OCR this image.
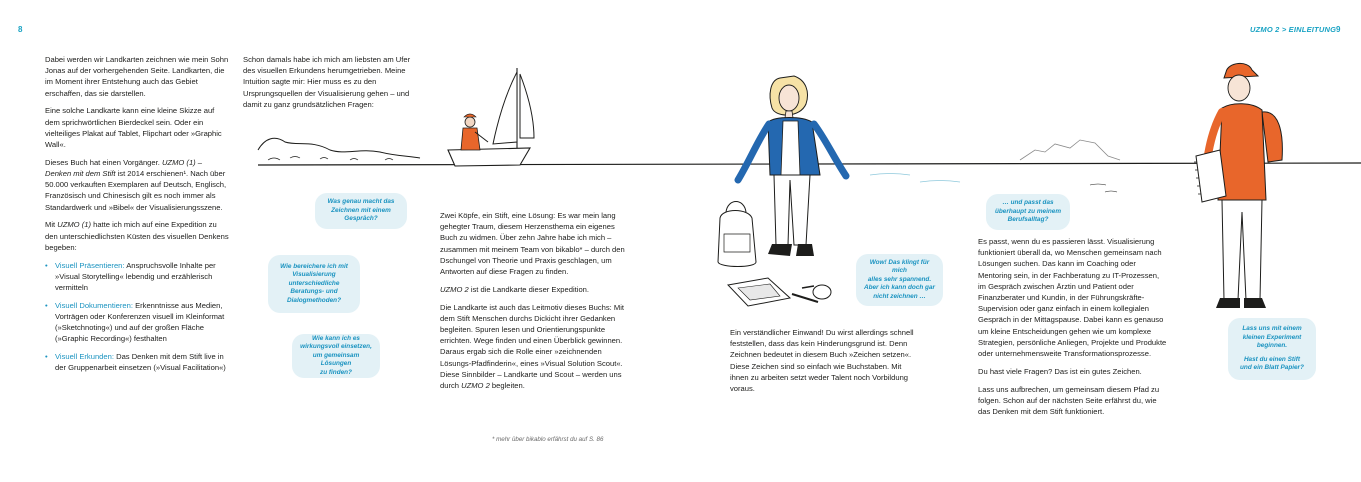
8	UZMO 2 > EINLEITUNG 9

Dabei werden wir Landkarten zeichnen wie mein Sohn Jonas auf der vorhergehenden Seite. Landkarten, die im Moment ihrer Entstehung auch das Gebiet erschaffen, das sie darstellen.

Eine solche Landkarte kann eine kleine Skizze auf dem sprichwörtlichen Bierdeckel sein. Oder ein vielteiliges Plakat auf Tablet, Flipchart oder »Graphic Wall«.

Dieses Buch hat einen Vorgänger. UZMO (1) – Denken mit dem Stift ist 2014 erschienen¹. Nach über 50.000 verkauften Exemplaren auf Deutsch, Englisch, Französisch und Chinesisch gilt es noch immer als Standardwerk und »Bibel« der Visualisierungsszene.

Mit UZMO (1) hatte ich mich auf eine Expedition zu den unterschiedlichsten Küsten des visuellen Denkens begeben:

• Visuell Präsentieren: Anspruchsvolle Inhalte per »Visual Storytelling« lebendig und erzählerisch vermitteln
• Visuell Dokumentieren: Erkenntnisse aus Medien, Vorträgen oder Konferenzen visuell im Kleinformat (»Sketchnoting«) und auf der großen Fläche (»Graphic Recording«) festhalten
• Visuell Erkunden: Das Denken mit dem Stift live in der Gruppenarbeit einsetzen (»Visual Facilitation«)

Schon damals habe ich mich am liebsten am Ufer des visuellen Erkundens herumgetrieben. Meine Intuition sagte mir: Hier muss es zu den Ursprungsquellen der Visualisierung gehen – und damit zu ganz grundsätzlichen Fragen:

Zwei Köpfe, ein Stift, eine Lösung: Es war mein lang gehegter Traum, diesem Herzensthema ein eigenes Buch zu widmen. Über zehn Jahre habe ich mich – zusammen mit meinem Team von bikablo* – durch den Dschungel von Theorie und Praxis geschlagen, um Antworten auf diese Fragen zu finden.

UZMO 2 ist die Landkarte dieser Expedition.

Die Landkarte ist auch das Leitmotiv dieses Buchs: Mit dem Stift Menschen durchs Dickicht ihrer Gedanken begleiten. Spuren lesen und Orientierungspunkte errichten. Wege finden und einen Überblick gewinnen. Daraus ergab sich die Rolle einer »zeichnenden Lösungs-Pfadfinderin«, eines »Visual Solution Scout«. Diese Sinnbilder – Landkarte und Scout – werden uns durch UZMO 2 begleiten.

* mehr über bikablo erfährst du auf S. 86

Ein verständlicher Einwand! Du wirst allerdings schnell feststellen, dass das kein Hinderungsgrund ist. Denn Zeichnen bedeutet in diesem Buch »Zeichen setzen«. Diese Zeichen sind so einfach wie Buchstaben. Mit ihnen zu arbeiten setzt weder Talent noch Vorbildung voraus.

Es passt, wenn du es passieren lässt. Visualisierung funktioniert überall da, wo Menschen gemeinsam nach Lösungen suchen. Das kann im Coaching oder Mentoring sein, in der Fachberatung zu IT-Prozessen, im Gespräch zwischen Ärztin und Patient oder Finanzberater und Kundin, in der Führungskräfte-Supervision oder ganz einfach in einem kollegialen Gespräch in der Mittagspause. Dabei kann es genauso um kleine Entscheidungen gehen wie um komplexe Strategien, persönliche Anliegen, Projekte und Produkte oder unternehmensweite Transformationsprozesse.

Du hast viele Fragen? Das ist ein gutes Zeichen.

Lass uns aufbrechen, um gemeinsam diesem Pfad zu folgen. Schon auf der nächsten Seite erfährst du, wie das Denken mit dem Stift funktioniert.

Was genau macht das
Zeichnen mit einem
Gespräch?
Wie bereichere ich mit
Visualisierung
unterschiedliche
Beratungs- und
Dialogmethoden?
Wie kann ich es
wirkungsvoll einsetzen,
um gemeinsam Lösungen
zu finden?
Wow! Das klingt für mich
alles sehr spannend.
Aber ich kann doch gar
nicht zeichnen …
… und passt das
überhaupt zu meinem
Berufsalltag?
Lass uns mit einem
kleinen Experiment
beginnen.
Hast du einen Stift
und ein Blatt Papier?
